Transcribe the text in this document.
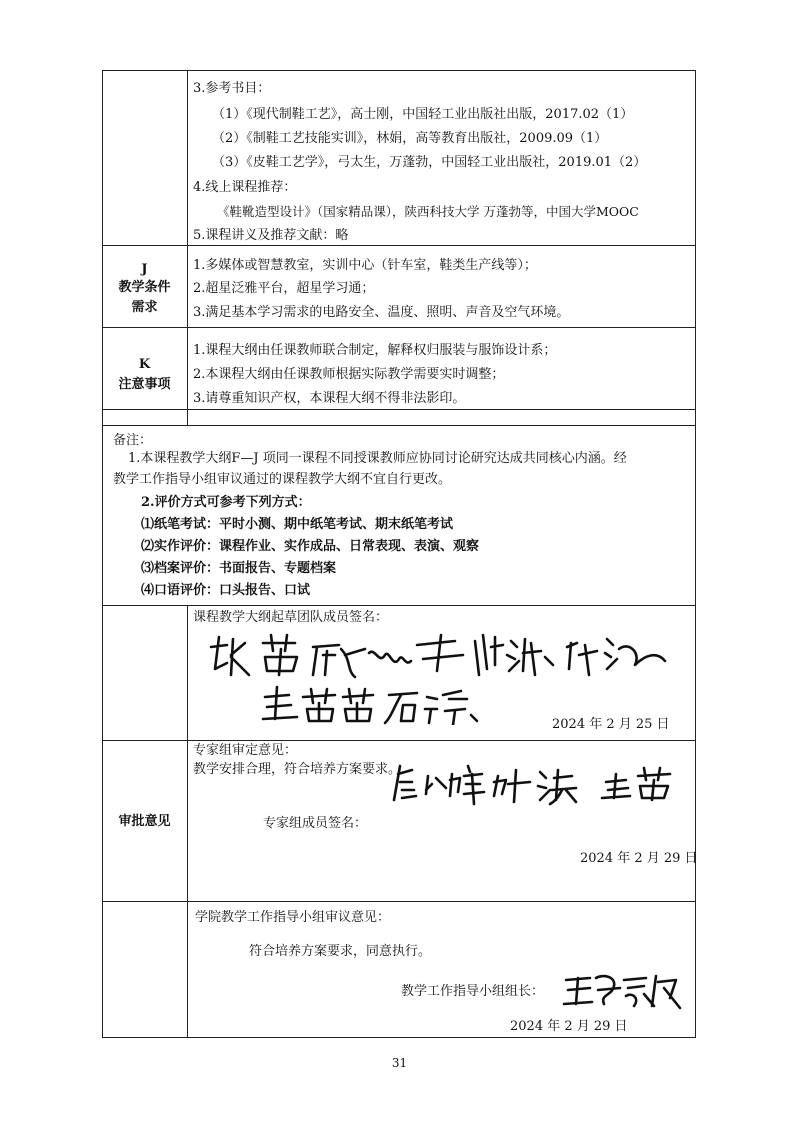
3.参考书目：
（1）《现代制鞋工艺》，高士刚，中国轻工业出版社出版，2017.02（1）
（2）《制鞋工艺技能实训》，林娟，高等教育出版社，2009.09（1）
（3）《皮鞋工艺学》，弓太生，万蓬勃，中国轻工业出版社，2019.01（2）
4.线上课程推荐：
《鞋靴造型设计》（国家精品课），陕西科技大学 万蓬勃等，中国大学MOOC
5.课程讲义及推荐文献：略
J
教学条件
需求
1.多媒体或智慧教室，实训中心（针车室，鞋类生产线等）；
2.超星泛雅平台，超星学习通；
3.满足基本学习需求的电路安全、温度、照明、声音及空气环境。
K
注意事项
1.课程大纲由任课教师联合制定，解释权归服装与服饰设计系；
2.本课程大纲由任课教师根据实际教学需要实时调整；
3.请尊重知识产权，本课程大纲不得非法影印。
备注：
1.本课程教学大纲F—J 项同一课程不同授课教师应协同讨论研究达成共同核心内涵。经
教学工作指导小组审议通过的课程教学大纲不宜自行更改。
2.评价方式可参考下列方式：
⑴纸笔考试：平时小测、期中纸笔考试、期末纸笔考试
⑵实作评价：课程作业、实作成品、日常表现、表演、观察
⑶档案评价：书面报告、专题档案
⑷口语评价：口头报告、口试
审批意见
课程教学大纲起草团队成员签名：
2024 年 2 月 25 日
专家组审定意见：
教学安排合理，符合培养方案要求。
专家组成员签名：
2024 年 2 月 29 日
学院教学工作指导小组审议意见：
符合培养方案要求，同意执行。
教学工作指导小组组长：
2024 年 2 月 29 日
31
